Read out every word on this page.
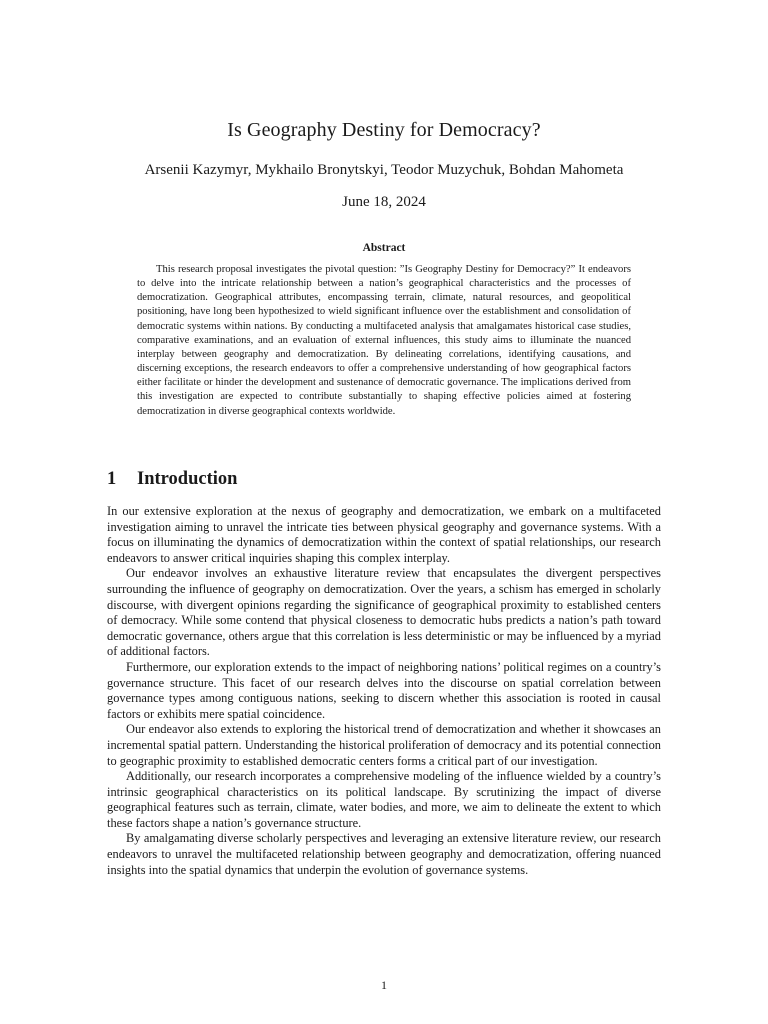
Is Geography Destiny for Democracy?
Arsenii Kazymyr, Mykhailo Bronytskyi, Teodor Muzychuk, Bohdan Mahometa
June 18, 2024
Abstract

This research proposal investigates the pivotal question: ”Is Geography Destiny for Democracy?” It endeavors to delve into the intricate relationship between a nation’s geographical characteristics and the processes of democratization. Geographical attributes, encompassing terrain, climate, natural resources, and geopolitical positioning, have long been hypothesized to wield significant influence over the establishment and consolidation of democratic systems within nations. By conducting a multifaceted analysis that amalgamates historical case studies, comparative examinations, and an evaluation of external influences, this study aims to illuminate the nuanced interplay between geography and democratization. By delineating correlations, identifying causations, and discerning exceptions, the research endeavors to offer a comprehensive understanding of how geographical factors either facilitate or hinder the development and sustenance of democratic governance. The implications derived from this investigation are expected to contribute substantially to shaping effective policies aimed at fostering democratization in diverse geographical contexts worldwide.

1 Introduction

In our extensive exploration at the nexus of geography and democratization, we embark on a multifaceted investigation aiming to unravel the intricate ties between physical geography and governance systems. With a focus on illuminating the dynamics of democratization within the context of spatial relationships, our research endeavors to answer critical inquiries shaping this complex interplay.

Our endeavor involves an exhaustive literature review that encapsulates the divergent perspectives surrounding the influence of geography on democratization. Over the years, a schism has emerged in scholarly discourse, with divergent opinions regarding the significance of geographical proximity to established centers of democracy. While some contend that physical closeness to democratic hubs predicts a nation’s path toward democratic governance, others argue that this correlation is less deterministic or may be influenced by a myriad of additional factors.

Furthermore, our exploration extends to the impact of neighboring nations’ political regimes on a country’s governance structure. This facet of our research delves into the discourse on spatial correlation between governance types among contiguous nations, seeking to discern whether this association is rooted in causal factors or exhibits mere spatial coincidence.

Our endeavor also extends to exploring the historical trend of democratization and whether it showcases an incremental spatial pattern. Understanding the historical proliferation of democracy and its potential connection to geographic proximity to established democratic centers forms a critical part of our investigation.

Additionally, our research incorporates a comprehensive modeling of the influence wielded by a country’s intrinsic geographical characteristics on its political landscape. By scrutinizing the impact of diverse geographical features such as terrain, climate, water bodies, and more, we aim to delineate the extent to which these factors shape a nation’s governance structure.

By amalgamating diverse scholarly perspectives and leveraging an extensive literature review, our research endeavors to unravel the multifaceted relationship between geography and democratization, offering nuanced insights into the spatial dynamics that underpin the evolution of governance systems.

1
